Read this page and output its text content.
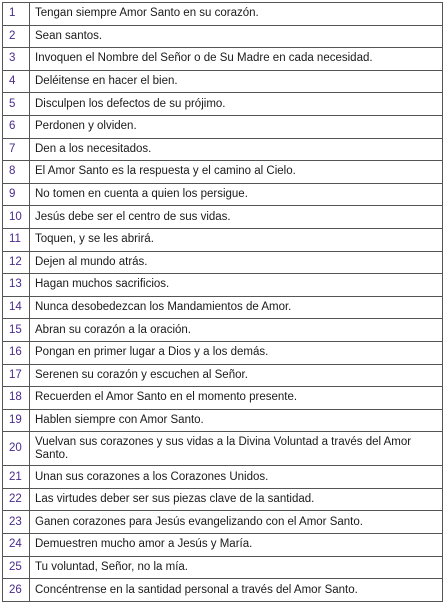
1	Tengan siempre Amor Santo en su corazón.
2	Sean santos.
3	Invoquen el Nombre del Señor o de Su Madre en cada necesidad.
4	Deléitense en hacer el bien.
5	Disculpen los defectos de su prójimo.
6	Perdonen y olviden.
7	Den a los necesitados.
8	El Amor Santo es la respuesta y el camino al Cielo.
9	No tomen en cuenta a quien los persigue.
10	Jesús debe ser el centro de sus vidas.
11	Toquen, y se les abrirá.
12	Dejen al mundo atrás.
13	Hagan muchos sacrificios.
14	Nunca desobedezcan los Mandamientos de Amor.
15	Abran su corazón a la oración.
16	Pongan en primer lugar a Dios y a los demás.
17	Serenen su corazón y escuchen al Señor.
18	Recuerden el Amor Santo en el momento presente.
19	Hablen siempre con Amor Santo.
20	Vuelvan sus corazones y sus vidas a la Divina Voluntad a través del Amor Santo.
21	Unan sus corazones a los Corazones Unidos.
22	Las virtudes deber ser sus piezas clave de la santidad.
23	Ganen corazones para Jesús evangelizando con el Amor Santo.
24	Demuestren mucho amor a Jesús y María.
25	Tu voluntad, Señor, no la mía.
26	Concéntrense en la santidad personal a través del Amor Santo.
